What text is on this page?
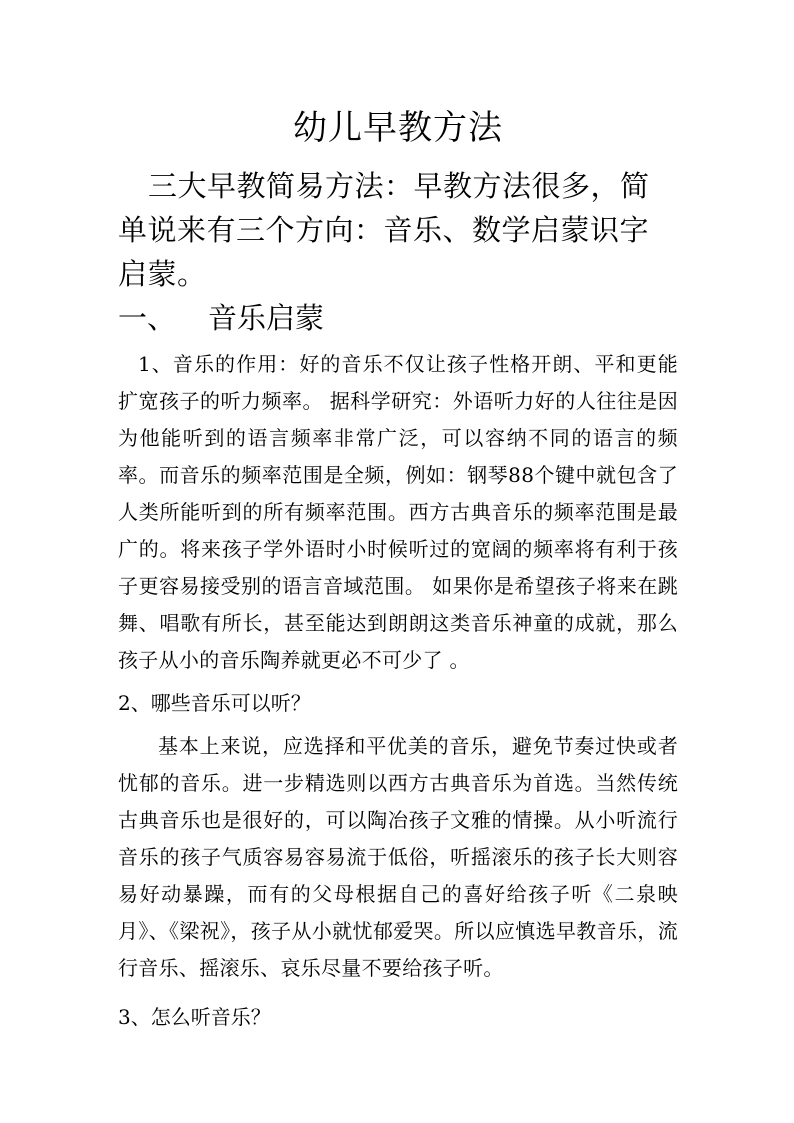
幼儿早教方法

三大早教简易方法：早教方法很多，简单说来有三个方向：音乐、数学启蒙识字启蒙。

一、	音乐启蒙

1、音乐的作用：好的音乐不仅让孩子性格开朗、平和更能扩宽孩子的听力频率。 据科学研究：外语听力好的人往往是因为他能听到的语言频率非常广泛，可以容纳不同的语言的频率。而音乐的频率范围是全频，例如：钢琴88个键中就包含了人类所能听到的所有频率范围。西方古典音乐的频率范围是最广的。将来孩子学外语时小时候听过的宽阔的频率将有利于孩子更容易接受别的语言音域范围。 如果你是希望孩子将来在跳舞、唱歌有所长，甚至能达到朗朗这类音乐神童的成就，那么孩子从小的音乐陶养就更必不可少了 。

2、哪些音乐可以听？

基本上来说，应选择和平优美的音乐，避免节奏过快或者忧郁的音乐。进一步精选则以西方古典音乐为首选。当然传统古典音乐也是很好的，可以陶冶孩子文雅的情操。从小听流行音乐的孩子气质容易容易流于低俗，听摇滚乐的孩子长大则容易好动暴躁，而有的父母根据自己的喜好给孩子听《二泉映月》、《梁祝》，孩子从小就忧郁爱哭。所以应慎选早教音乐，流行音乐、摇滚乐、哀乐尽量不要给孩子听。

3、怎么听音乐？
